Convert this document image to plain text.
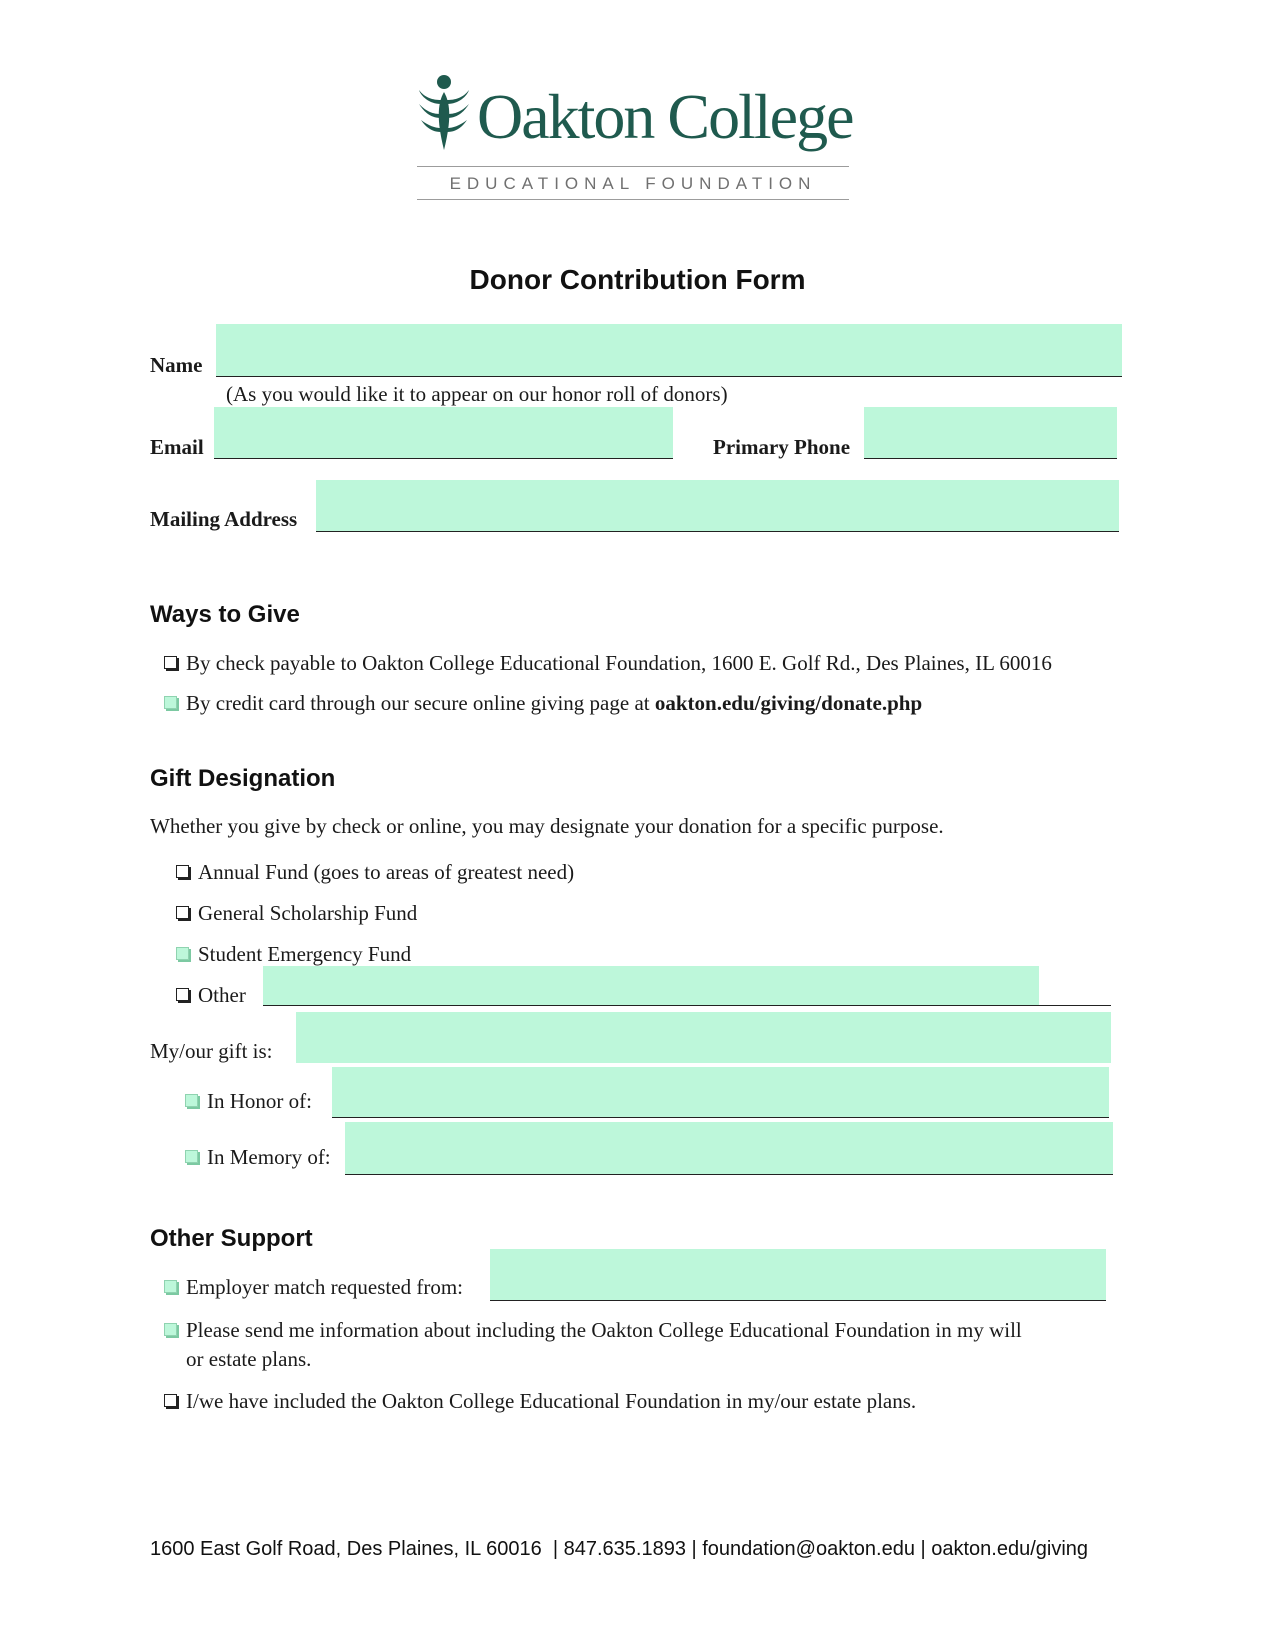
Oakton College
EDUCATIONAL FOUNDATION
Donor Contribution Form
Name
(As you would like it to appear on our honor roll of donors)
Email	Primary Phone
Mailing Address
Ways to Give
By check payable to Oakton College Educational Foundation, 1600 E. Golf Rd., Des Plaines, IL 60016
By credit card through our secure online giving page at oakton.edu/giving/donate.php
Gift Designation
Whether you give by check or online, you may designate your donation for a specific purpose.
Annual Fund (goes to areas of greatest need)
General Scholarship Fund
Student Emergency Fund
Other
My/our gift is:
In Honor of:
In Memory of:
Other Support
Employer match requested from:
Please send me information about including the Oakton College Educational Foundation in my will
or estate plans.
I/we have included the Oakton College Educational Foundation in my/our estate plans.
1600 East Golf Road, Des Plaines, IL 60016  | 847.635.1893 | foundation@oakton.edu | oakton.edu/giving
